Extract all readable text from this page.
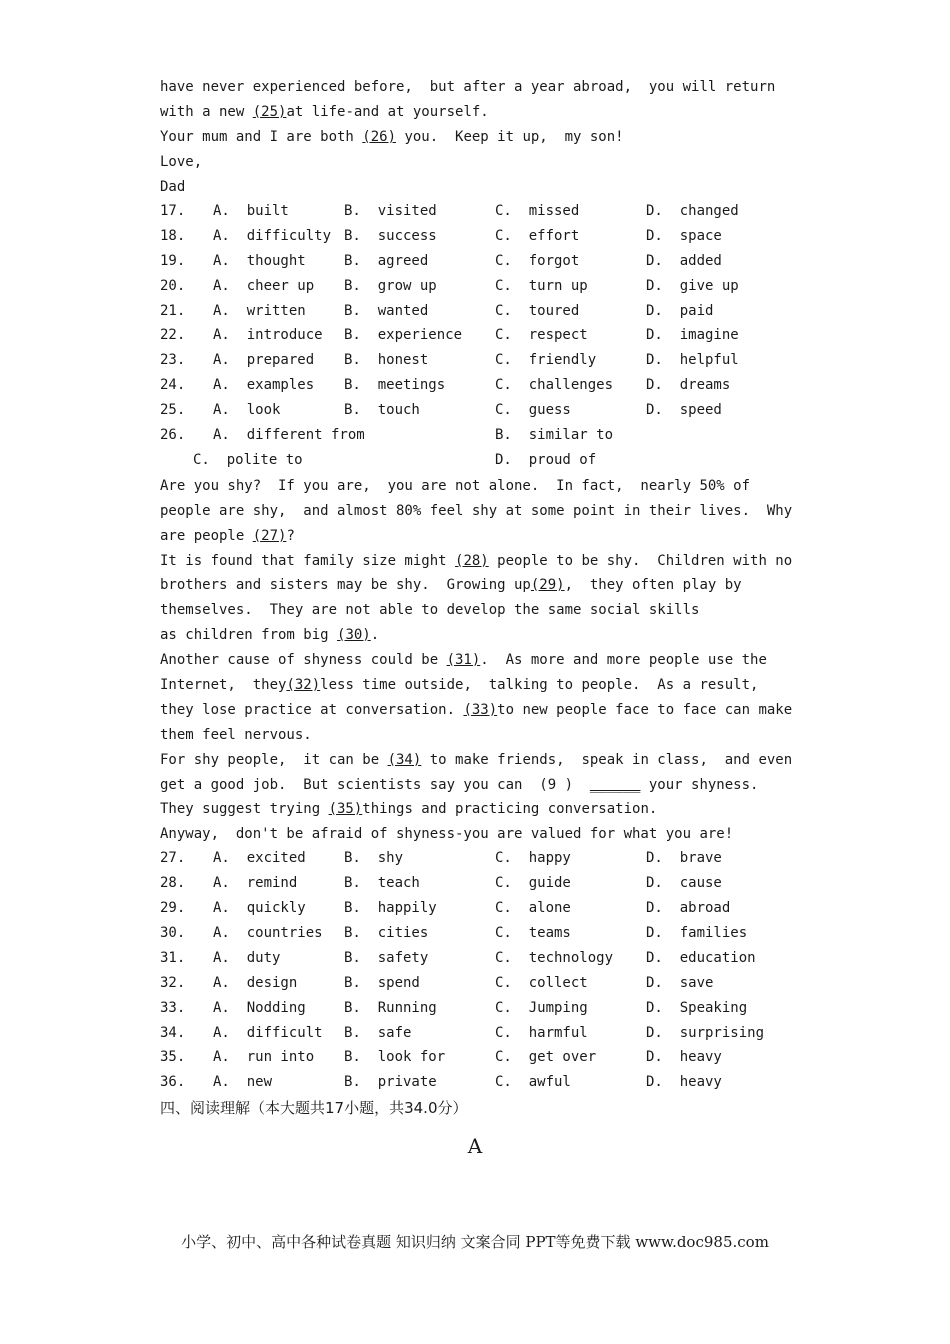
have never experienced before,  but after a year abroad,  you will return
with a new (25)at life-and at yourself.
Your mum and I are both (26) you.  Keep it up,  my son!
Love,
Dad
17. A.  built	B.  visited	C.  missed	D.  changed
18. A.  difficulty B.  success	C.  effort	D.  space
19. A.  thought	B.  agreed	C.  forgot	D.  added
20. A.  cheer up B.  grow up	C.  turn up	D.  give up
21. A.  written	B.  wanted	C.  toured	D.  paid
22. A.  introduce B.  experience C.  respect	D.  imagine
23. A.  prepared B.  honest	C.  friendly	D.  helpful
24. A.  examples B.  meetings	C.  challenges D.  dreams
25. A.  look	B.  touch	C.  guess	D.  speed
26. A.  different from	B.  similar to
C.  polite to	D.  proud of
Are you shy?  If you are,  you are not alone.  In fact,  nearly 50% of
people are shy,  and almost 80% feel shy at some point in their lives.  Why
are people (27)?
It is found that family size might (28) people to be shy.  Children with no
brothers and sisters may be shy.  Growing up(29),  they often play by
themselves.  They are not able to develop the same social skills
as children from big (30).
Another cause of shyness could be (31).  As more and more people use the
Internet,  they(32)less time outside,  talking to people.  As a result,
they lose practice at conversation. (33)to new people face to face can make
them feel nervous.
For shy people,  it can be (34) to make friends,  speak in class,  and even
get a good job.  But scientists say you can  (9 )  ______ your shyness.
They suggest trying (35)things and practicing conversation.
Anyway,  don't be afraid of shyness-you are valued for what you are!
27. A.  excited	B.  shy	C.  happy	D.  brave
28. A.  remind	B.  teach	C.  guide	D.  cause
29. A.  quickly	B.  happily	C.  alone	D.  abroad
30. A.  countries B.  cities	C.  teams	D.  families
31. A.  duty	B.  safety	C.  technology D.  education
32. A.  design	B.  spend	C.  collect	D.  save
33. A.  Nodding	B.  Running	C.  Jumping	D.  Speaking
34. A.  difficult B.  safe	C.  harmful	D.  surprising
35. A.  run into B.  look for	C.  get over	D.  heavy
36. A.  new	B.  private	C.  awful	D.  heavy
四、阅读理解（本大题共17小题，共34.0分）
A
小学、初中、高中各种试卷真题 知识归纳 文案合同 PPT等免费下载 www.doc985.com
